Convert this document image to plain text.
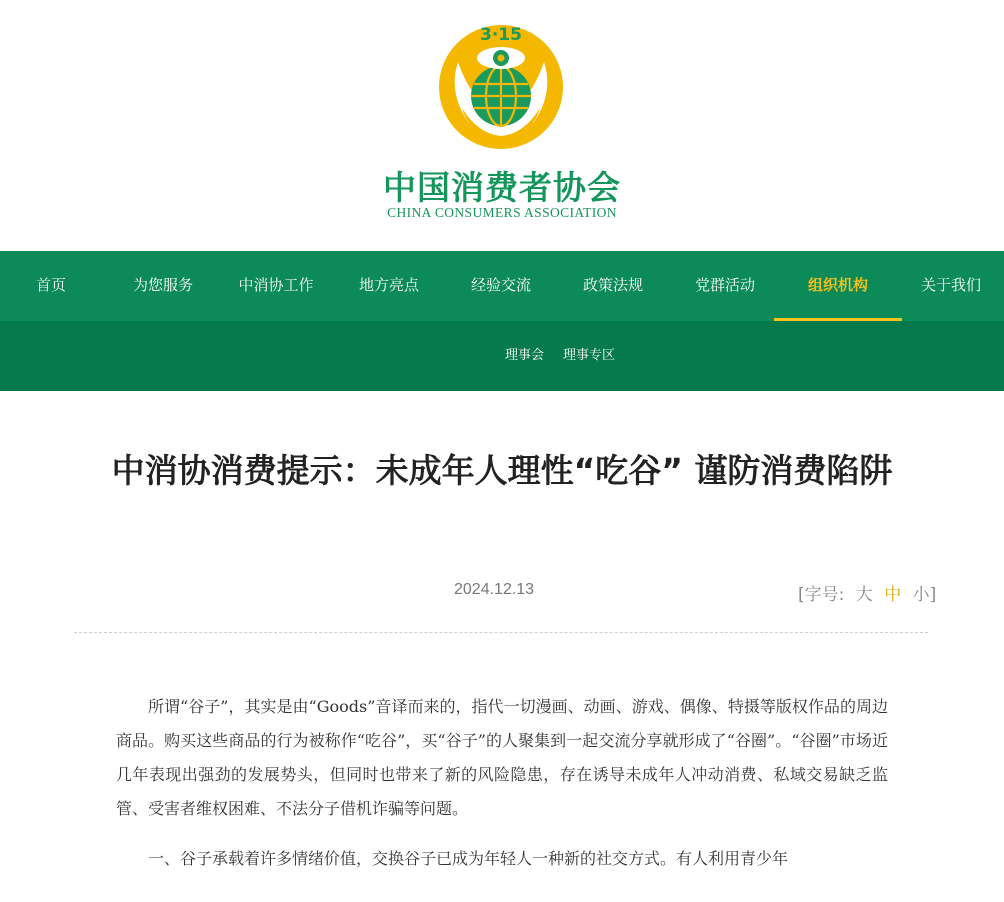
3·15
中国消费者协会
CHINA CONSUMERS ASSOCIATION
首页	为您服务	中消协工作	地方亮点	经验交流	政策法规	党群活动	组织机构	关于我们
理事会 理事专区
中消协消费提示：未成年人理性“吃谷” 谨防消费陷阱
2024.12.13	[字号: 大 中 小]

所谓“谷子”，其实是由“Goods”音译而来的，指代一切漫画、动画、游戏、偶像、特摄等版权作品的周边商品。购买这些商品的行为被称作“吃谷”，买“谷子”的人聚集到一起交流分享就形成了“谷圈”。“谷圈”市场近几年表现出强劲的发展势头，但同时也带来了新的风险隐患，存在诱导未成年人冲动消费、私域交易缺乏监管、受害者维权困难、不法分子借机诈骗等问题。

一、谷子承载着许多情绪价值，交换谷子已成为年轻人一种新的社交方式。有人利用青少年
